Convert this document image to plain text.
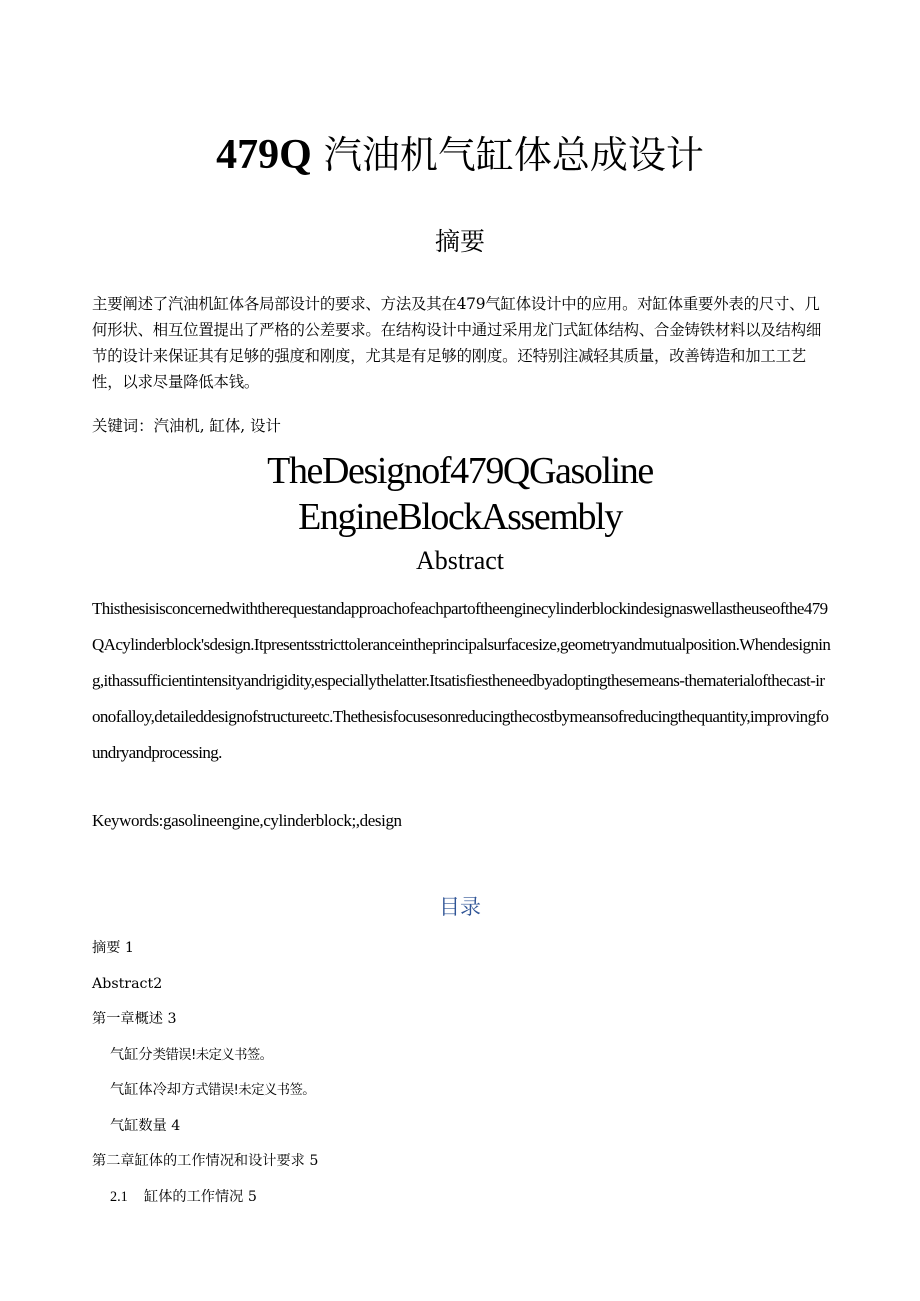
479Q 汽油机气缸体总成设计
摘要

主要阐述了汽油机缸体各局部设计的要求、方法及其在479气缸体设计中的应用。对缸体重要外表的尺寸、几何形状、相互位置提出了严格的公差要求。在结构设计中通过采用龙门式缸体结构、合金铸铁材料以及结构细节的设计来保证其有足够的强度和刚度，尤其是有足够的刚度。还特别注减轻其质量，改善铸造和加工工艺性，以求尽量降低本钱。

关键词：汽油机, 缸体, 设计

TheDesignof479QGasoline
EngineBlockAssembly
Abstract

Thisthesisisconcernedwiththerequestandapproachofeachpartoftheenginecylinderblockindesignaswellastheuseofthe479QAcylinderblock'sdesign.Itpresentsstricttoleranceintheprincipalsurfacesize,geometryandmutualposition.Whendesigning,ithassufficientintensityandrigidity,especiallythelatter.Itsatisfiestheneedbyadoptingthesemeans-thematerialofthecast-ironofalloy,detaileddesignofstructureetc.Thethesisfocusesonreducingthecostbymeansofreducingthequantity,improvingfoundryandprocessing.

Keywords:gasolineengine,cylinderblock;,design

目录
摘要 1
Abstract2
第一章概述 3
气缸分类错误!未定义书签。
气缸体冷却方式错误!未定义书签。
气缸数量 4
第二章缸体的工作情况和设计要求 5
2.1 缸体的工作情况 5
